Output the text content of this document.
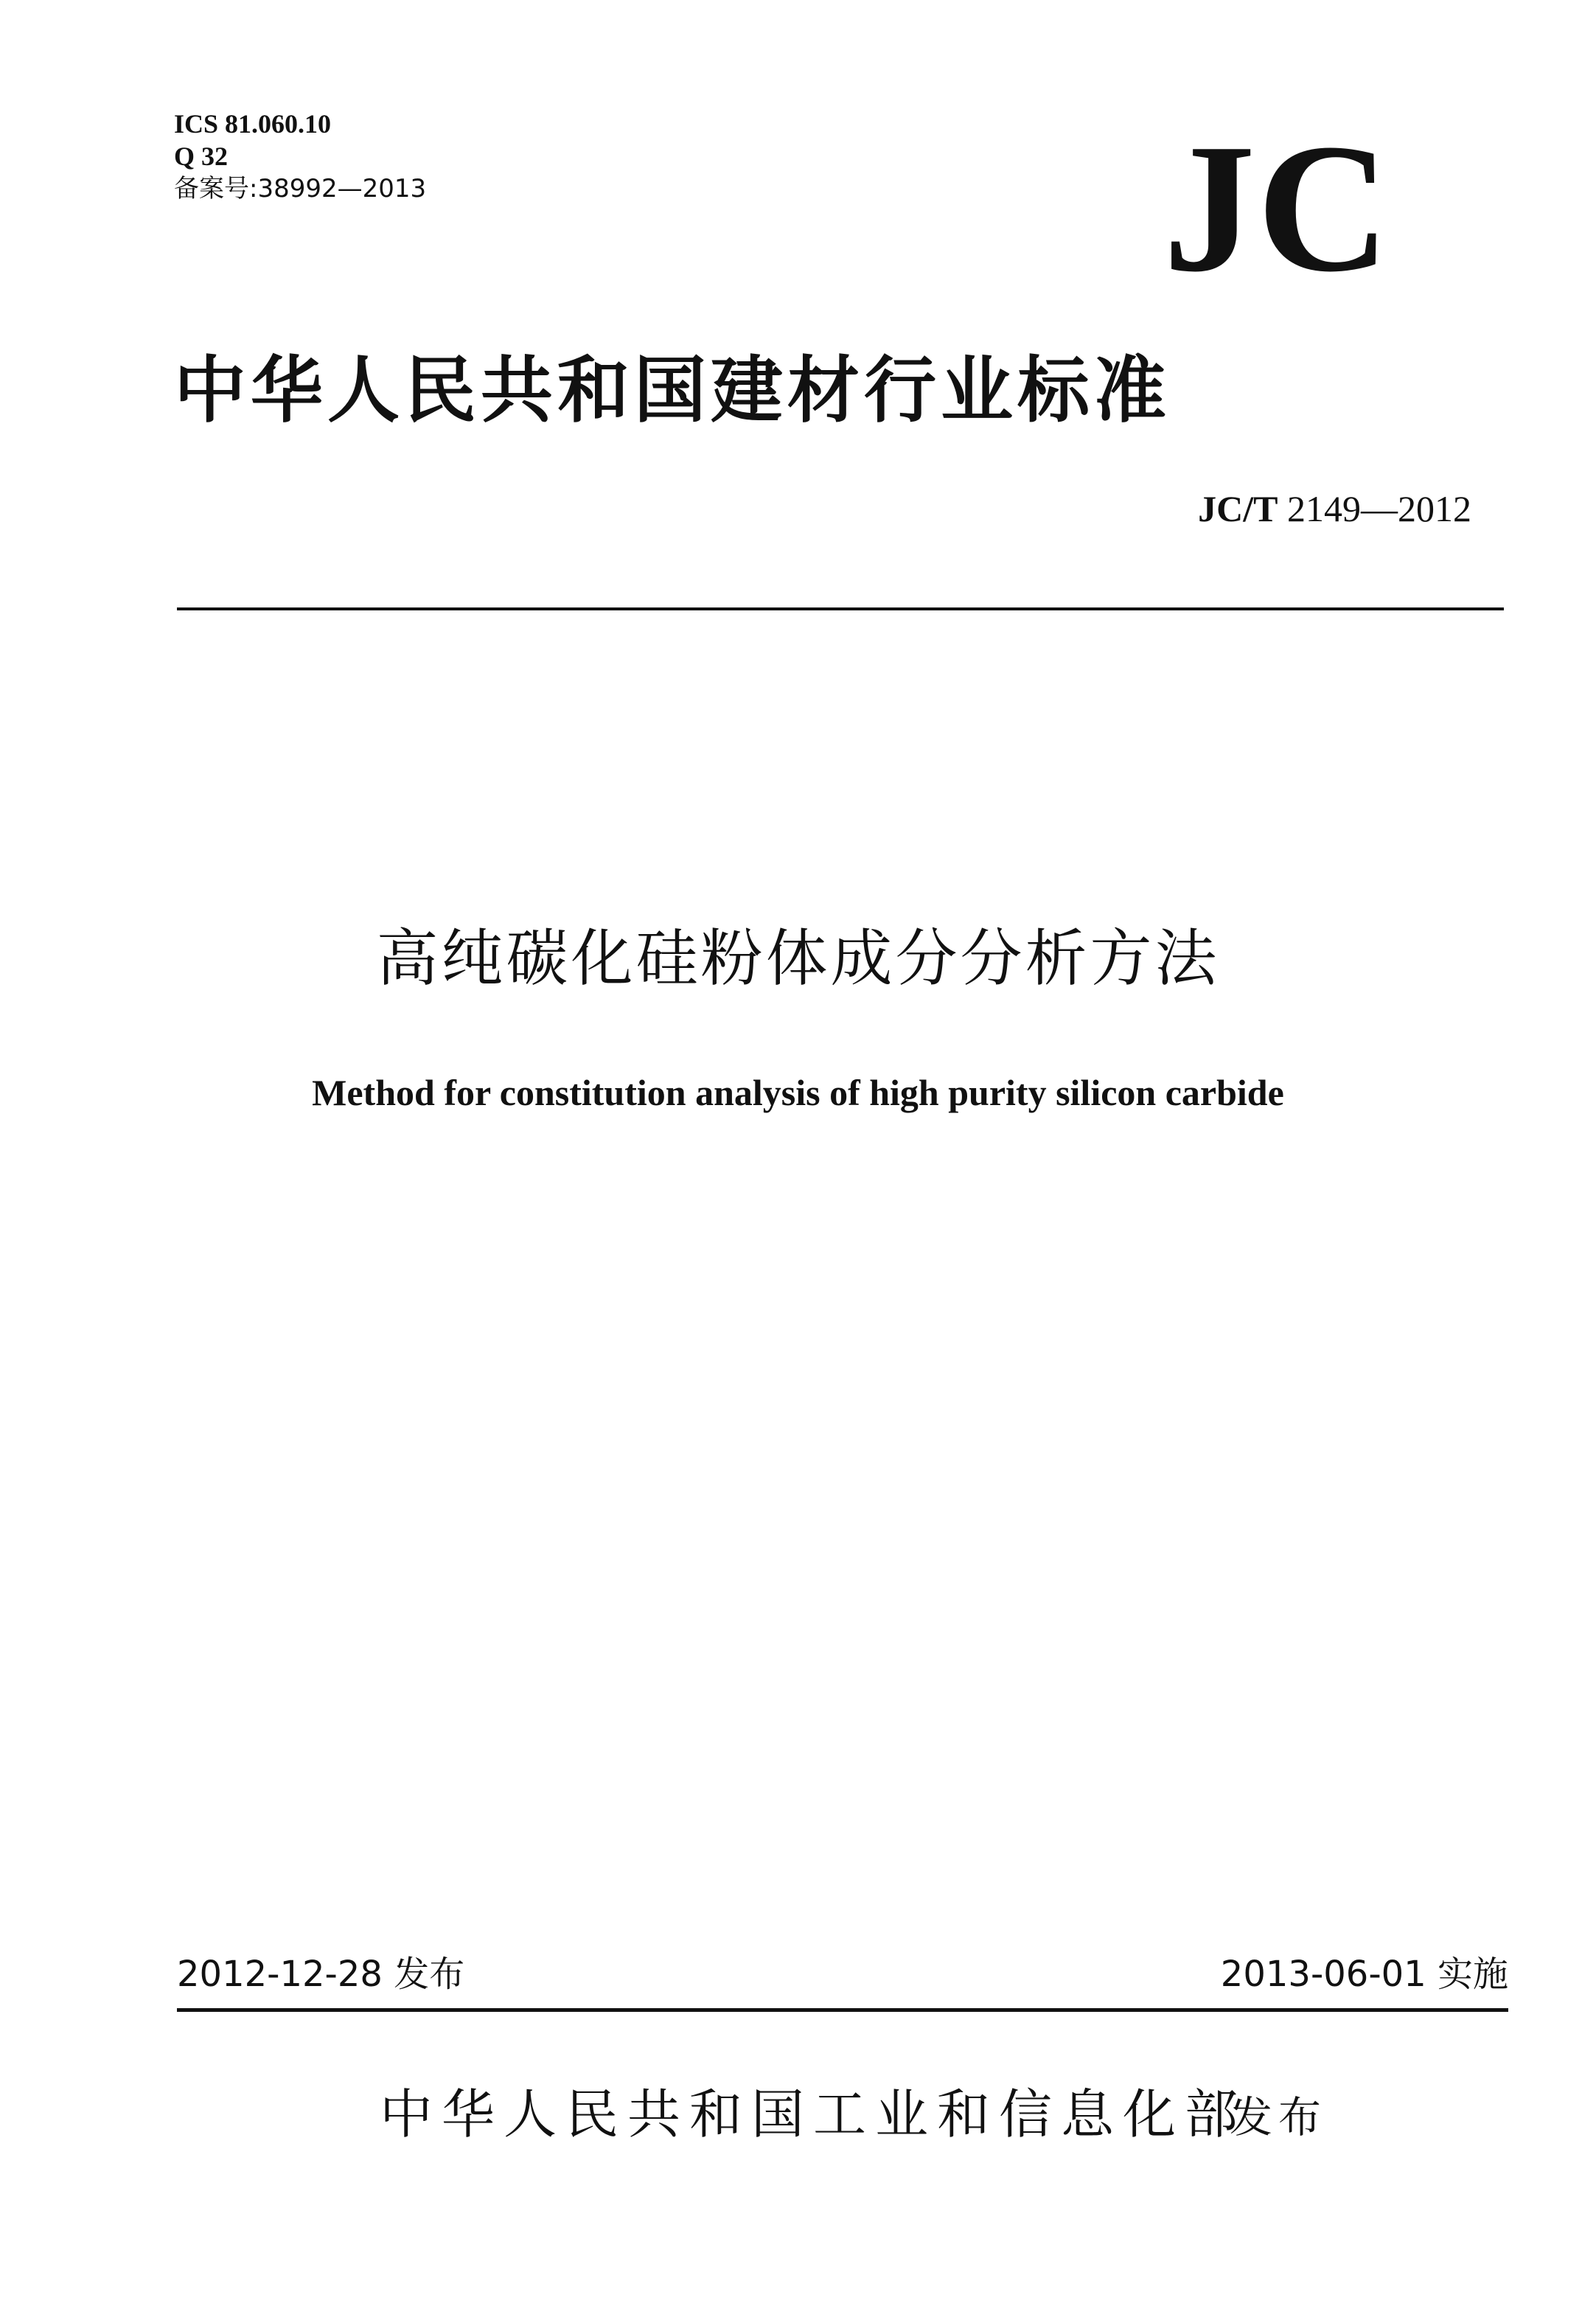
ICS 81.060.10
Q 32
备案号:38992—2013	JC
中华人民共和国建材行业标准
JC/T 2149—2012
高纯碳化硅粉体成分分析方法
Method for constitution analysis of high purity silicon carbide
2012-12-28 发布	2013-06-01 实施
中华人民共和国工业和信息化部
发布
